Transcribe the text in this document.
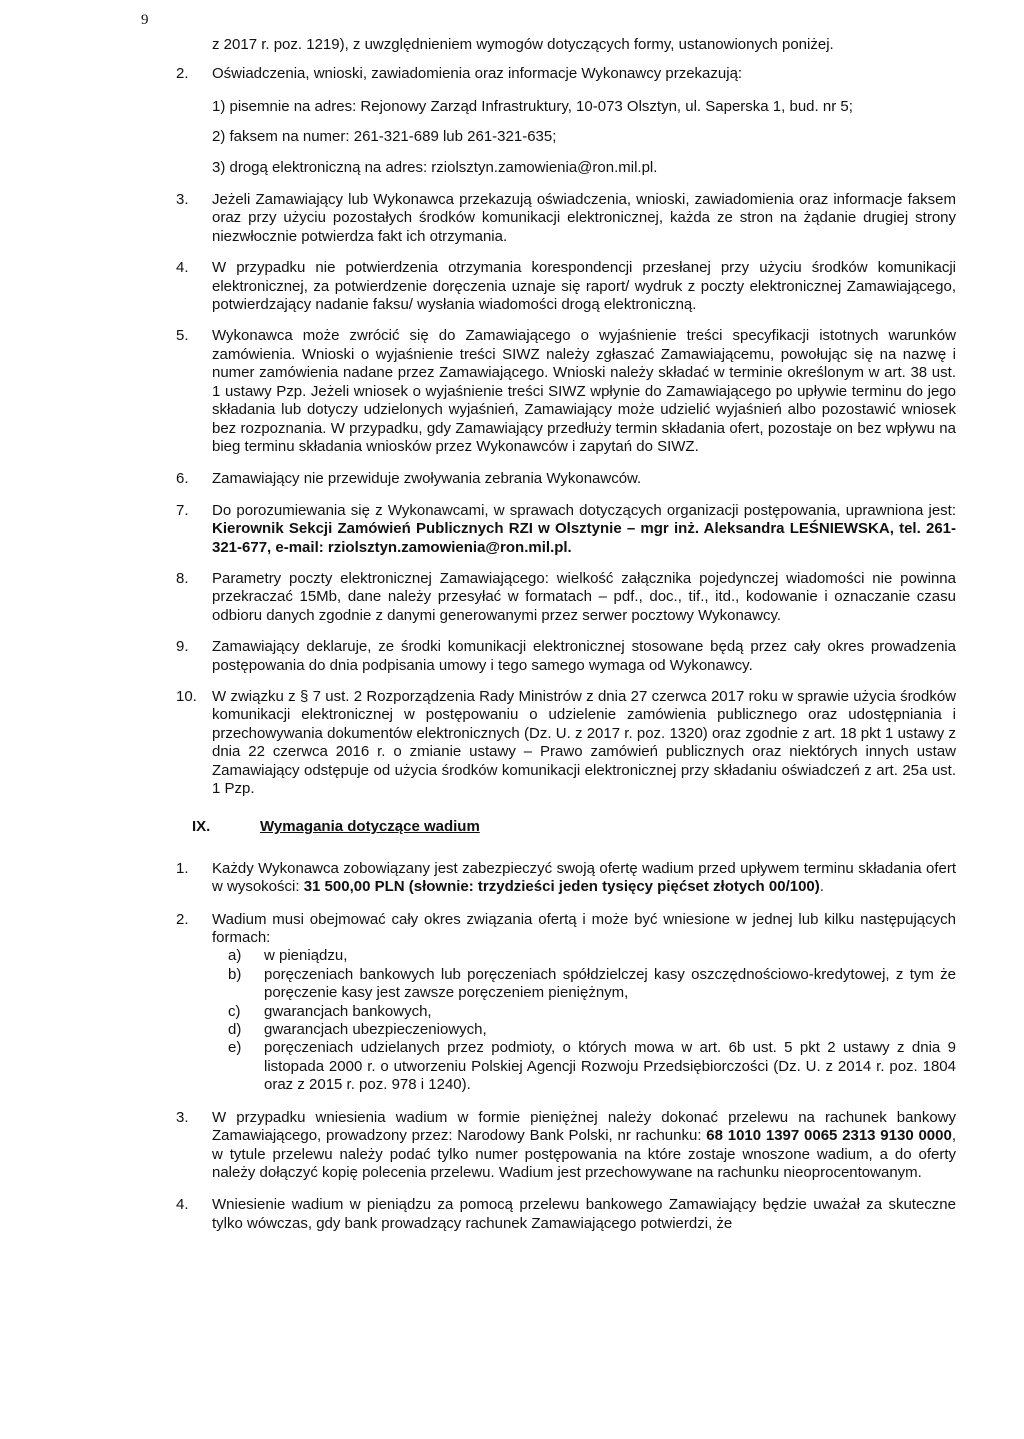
9

z 2017 r. poz. 1219), z uwzględnieniem wymogów dotyczących formy, ustanowionych poniżej.

2.	Oświadczenia, wnioski, zawiadomienia oraz informacje Wykonawcy przekazują:

1) pisemnie na adres: Rejonowy Zarząd Infrastruktury, 10-073 Olsztyn, ul. Saperska 1, bud. nr 5;
2) faksem na numer: 261-321-689 lub 261-321-635;
3) drogą elektroniczną na adres: rziolsztyn.zamowienia@ron.mil.pl.
3.	Jeżeli Zamawiający lub Wykonawca przekazują oświadczenia, wnioski, zawiadomienia oraz informacje faksem oraz przy użyciu pozostałych środków komunikacji elektronicznej, każda ze stron na żądanie drugiej strony niezwłocznie potwierdza fakt ich otrzymania.

4.	W przypadku nie potwierdzenia otrzymania korespondencji przesłanej przy użyciu środków komunikacji elektronicznej, za potwierdzenie doręczenia uznaje się raport/ wydruk z poczty elektronicznej Zamawiającego, potwierdzający nadanie faksu/ wysłania wiadomości drogą elektroniczną.

5.	Wykonawca może zwrócić się do Zamawiającego o wyjaśnienie treści specyfikacji istotnych warunków zamówienia. Wnioski o wyjaśnienie treści SIWZ należy zgłaszać Zamawiającemu, powołując się na nazwę i numer zamówienia nadane przez Zamawiającego. Wnioski należy składać w terminie określonym w art. 38 ust. 1 ustawy Pzp. Jeżeli wniosek o wyjaśnienie treści SIWZ wpłynie do Zamawiającego po upływie terminu do jego składania lub dotyczy udzielonych wyjaśnień, Zamawiający może udzielić wyjaśnień albo pozostawić wniosek bez rozpoznania. W przypadku, gdy Zamawiający przedłuży termin składania ofert, pozostaje on bez wpływu na bieg terminu składania wniosków przez Wykonawców i zapytań do SIWZ.

6.	Zamawiający nie przewiduje zwoływania zebrania Wykonawców.

7.	Do porozumiewania się z Wykonawcami, w sprawach dotyczących organizacji postępowania, uprawniona jest: Kierownik Sekcji Zamówień Publicznych RZI w Olsztynie – mgr inż. Aleksandra LEŚNIEWSKA, tel. 261-321-677, e-mail: rziolsztyn.zamowienia@ron.mil.pl.

8.	Parametry poczty elektronicznej Zamawiającego: wielkość załącznika pojedynczej wiadomości nie powinna przekraczać 15Mb, dane należy przesyłać w formatach – pdf., doc., tif., itd., kodowanie i oznaczanie czasu odbioru danych zgodnie z danymi generowanymi przez serwer pocztowy Wykonawcy.

9.	Zamawiający deklaruje, ze środki komunikacji elektronicznej stosowane będą przez cały okres prowadzenia postępowania do dnia podpisania umowy i tego samego wymaga od Wykonawcy.

10.	W związku z § 7 ust. 2 Rozporządzenia Rady Ministrów z dnia 27 czerwca 2017 roku w sprawie użycia środków komunikacji elektronicznej w postępowaniu o udzielenie zamówienia publicznego oraz udostępniania i przechowywania dokumentów elektronicznych (Dz. U. z 2017 r. poz. 1320) oraz zgodnie z art. 18 pkt 1 ustawy z dnia 22 czerwca 2016 r. o zmianie ustawy – Prawo zamówień publicznych oraz niektórych innych ustaw Zamawiający odstępuje od użycia środków komunikacji elektronicznej przy składaniu oświadczeń z art. 25a ust. 1 Pzp.

IX.	Wymagania dotyczące wadium
1.	Każdy Wykonawca zobowiązany jest zabezpieczyć swoją ofertę wadium przed upływem terminu składania ofert w wysokości: 31 500,00 PLN (słownie: trzydzieści jeden tysięcy pięćset złotych 00/100).

2.	Wadium musi obejmować cały okres związania ofertą i może być wniesione w jednej lub kilku następujących formach:

a)	w pieniądzu,
b)	poręczeniach bankowych lub poręczeniach spółdzielczej kasy oszczędnościowo-kredytowej, z tym że poręczenie kasy jest zawsze poręczeniem pieniężnym,
c)	gwarancjach bankowych,
d)	gwarancjach ubezpieczeniowych,
e)	poręczeniach udzielanych przez podmioty, o których mowa w art. 6b ust. 5 pkt 2 ustawy z dnia 9 listopada 2000 r. o utworzeniu Polskiej Agencji Rozwoju Przedsiębiorczości (Dz. U. z 2014 r. poz. 1804 oraz z 2015 r. poz. 978 i 1240).
3.	W przypadku wniesienia wadium w formie pieniężnej należy dokonać przelewu na rachunek bankowy Zamawiającego, prowadzony przez: Narodowy Bank Polski, nr rachunku: 68 1010 1397 0065 2313 9130 0000, w tytule przelewu należy podać tylko numer postępowania na które zostaje wnoszone wadium, a do oferty należy dołączyć kopię polecenia przelewu. Wadium jest przechowywane na rachunku nieoprocentowanym.

4.	Wniesienie wadium w pieniądzu za pomocą przelewu bankowego Zamawiający będzie uważał za skuteczne tylko wówczas, gdy bank prowadzący rachunek Zamawiającego potwierdzi, że
